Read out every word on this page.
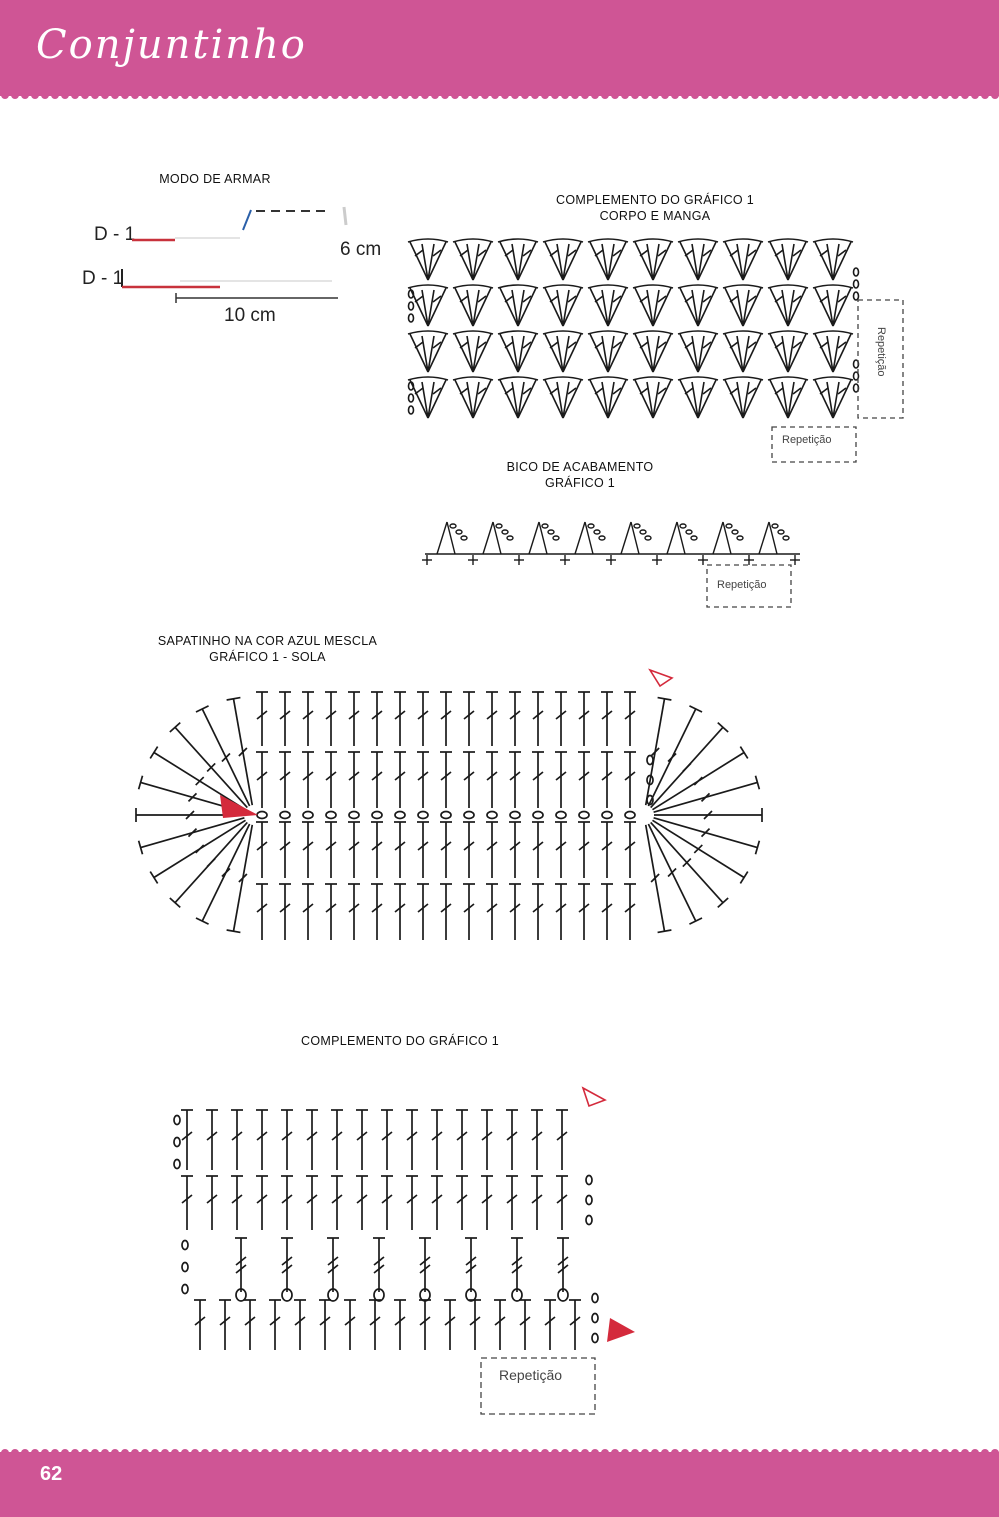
Conjuntinho
MODO DE ARMAR
D - 1
6 cm
D - 1
10 cm
COMPLEMENTO DO GRÁFICO 1
CORPO E MANGA
Repetição
Repetição
BICO DE ACABAMENTO
GRÁFICO 1
Repetição
SAPATINHO NA COR AZUL MESCLA
GRÁFICO 1 - SOLA
COMPLEMENTO DO GRÁFICO 1
Repetição
62
